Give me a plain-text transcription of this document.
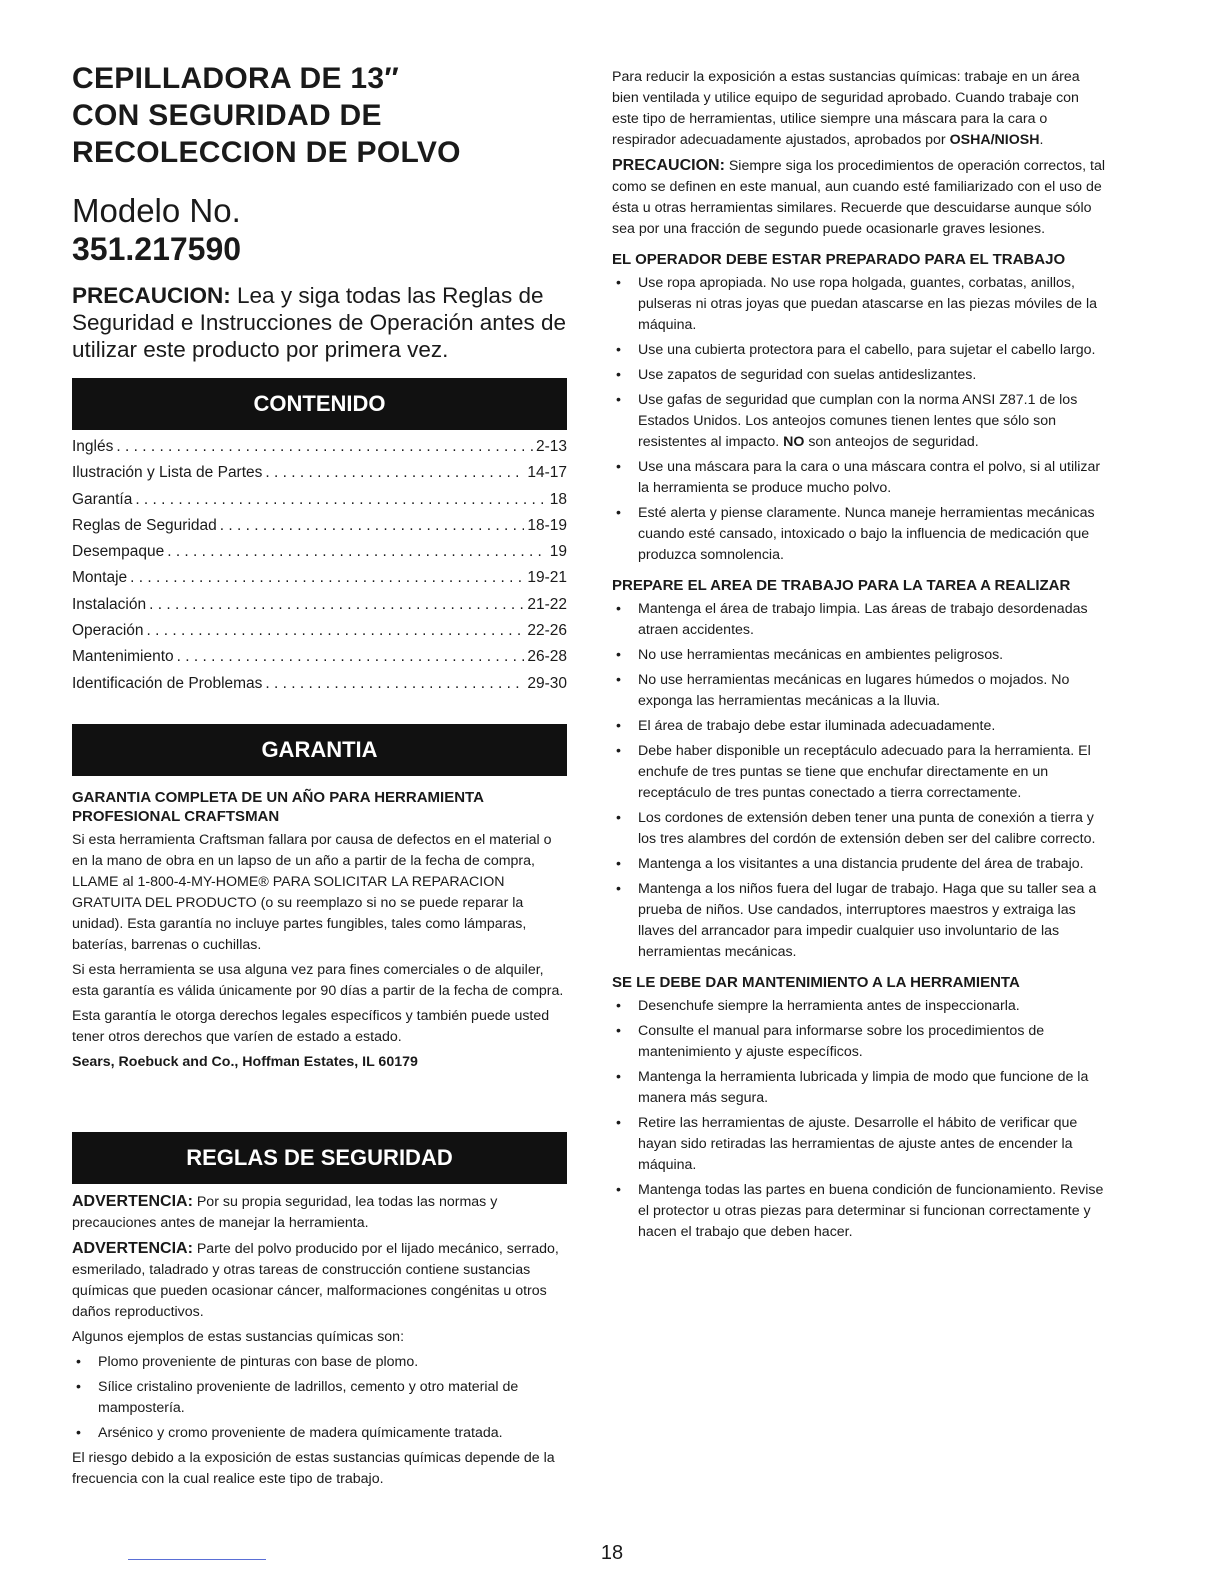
CEPILLADORA DE 13″
CON SEGURIDAD DE
RECOLECCION DE POLVO
Modelo No.
351.217590
PRECAUCION: Lea y siga todas las Reglas de Seguridad e Instrucciones de Operación antes de utilizar este producto por primera vez.
CONTENIDO
Inglés . . .	2-13
Ilustración y Lista de Partes . . .	14-17
Garantía . . .	18
Reglas de Seguridad . . .	18-19
Desempaque . . .	19
Montaje . . .	19-21
Instalación . . .	21-22
Operación . . .	22-26
Mantenimiento . . .	26-28
Identificación de Problemas . . .	29-30
GARANTIA
GARANTIA COMPLETA DE UN AÑO PARA HERRAMIENTA PROFESIONAL CRAFTSMAN

Si esta herramienta Craftsman fallara por causa de defectos en el material o en la mano de obra en un lapso de un año a partir de la fecha de compra, LLAME al 1-800-4-MY-HOME® PARA SOLICITAR LA REPARACION GRATUITA DEL PRODUCTO (o su reemplazo si no se puede reparar la unidad). Esta garantía no incluye partes fungibles, tales como lámparas, baterías, barrenas o cuchillas.

Si esta herramienta se usa alguna vez para fines comerciales o de alquiler, esta garantía es válida únicamente por 90 días a partir de la fecha de compra.

Esta garantía le otorga derechos legales específicos y también puede usted tener otros derechos que varíen de estado a estado.

Sears, Roebuck and Co., Hoffman Estates, IL 60179

REGLAS DE SEGURIDAD

ADVERTENCIA: Por su propia seguridad, lea todas las normas y precauciones antes de manejar la herramienta.

ADVERTENCIA: Parte del polvo producido por el lijado mecánico, serrado, esmerilado, taladrado y otras tareas de construcción contiene sustancias químicas que pueden ocasionar cáncer, malformaciones congénitas u otros daños reproductivos.

Algunos ejemplos de estas sustancias químicas son:

• Plomo proveniente de pinturas con base de plomo.
• Sílice cristalino proveniente de ladrillos, cemento y otro material de mampostería.
• Arsénico y cromo proveniente de madera químicamente tratada.

El riesgo debido a la exposición de estas sustancias químicas depende de la frecuencia con la cual realice este tipo de trabajo.

Para reducir la exposición a estas sustancias químicas: trabaje en un área bien ventilada y utilice equipo de seguridad aprobado. Cuando trabaje con este tipo de herramientas, utilice siempre una máscara para la cara o respirador adecuadamente ajustados, aprobados por OSHA/NIOSH.

PRECAUCION: Siempre siga los procedimientos de operación correctos, tal como se definen en este manual, aun cuando esté familiarizado con el uso de ésta u otras herramientas similares. Recuerde que descuidarse aunque sólo sea por una fracción de segundo puede ocasionarle graves lesiones.

EL OPERADOR DEBE ESTAR PREPARADO PARA EL TRABAJO
• Use ropa apropiada. No use ropa holgada, guantes, corbatas, anillos, pulseras ni otras joyas que puedan atascarse en las piezas móviles de la máquina.
• Use una cubierta protectora para el cabello, para sujetar el cabello largo.
• Use zapatos de seguridad con suelas antideslizantes.
• Use gafas de seguridad que cumplan con la norma ANSI Z87.1 de los Estados Unidos. Los anteojos comunes tienen lentes que sólo son resistentes al impacto. NO son anteojos de seguridad.
• Use una máscara para la cara o una máscara contra el polvo, si al utilizar la herramienta se produce mucho polvo.
• Esté alerta y piense claramente. Nunca maneje herramientas mecánicas cuando esté cansado, intoxicado o bajo la influencia de medicación que produzca somnolencia.
PREPARE EL AREA DE TRABAJO PARA LA TAREA A REALIZAR
• Mantenga el área de trabajo limpia. Las áreas de trabajo desordenadas atraen accidentes.
• No use herramientas mecánicas en ambientes peligrosos.
• No use herramientas mecánicas en lugares húmedos o mojados. No exponga las herramientas mecánicas a la lluvia.
• El área de trabajo debe estar iluminada adecuadamente.
• Debe haber disponible un receptáculo adecuado para la herramienta. El enchufe de tres puntas se tiene que enchufar directamente en un receptáculo de tres puntas conectado a tierra correctamente.
• Los cordones de extensión deben tener una punta de conexión a tierra y los tres alambres del cordón de extensión deben ser del calibre correcto.
• Mantenga a los visitantes a una distancia prudente del área de trabajo.
• Mantenga a los niños fuera del lugar de trabajo. Haga que su taller sea a prueba de niños. Use candados, interruptores maestros y extraiga las llaves del arrancador para impedir cualquier uso involuntario de las herramientas mecánicas.
SE LE DEBE DAR MANTENIMIENTO A LA HERRAMIENTA
• Desenchufe siempre la herramienta antes de inspeccionarla.
• Consulte el manual para informarse sobre los procedimientos de mantenimiento y ajuste específicos.
• Mantenga la herramienta lubricada y limpia de modo que funcione de la manera más segura.
• Retire las herramientas de ajuste. Desarrolle el hábito de verificar que hayan sido retiradas las herramientas de ajuste antes de encender la máquina.
• Mantenga todas las partes en buena condición de funcionamiento. Revise el protector u otras piezas para determinar si funcionan correctamente y hacen el trabajo que deben hacer.
18
